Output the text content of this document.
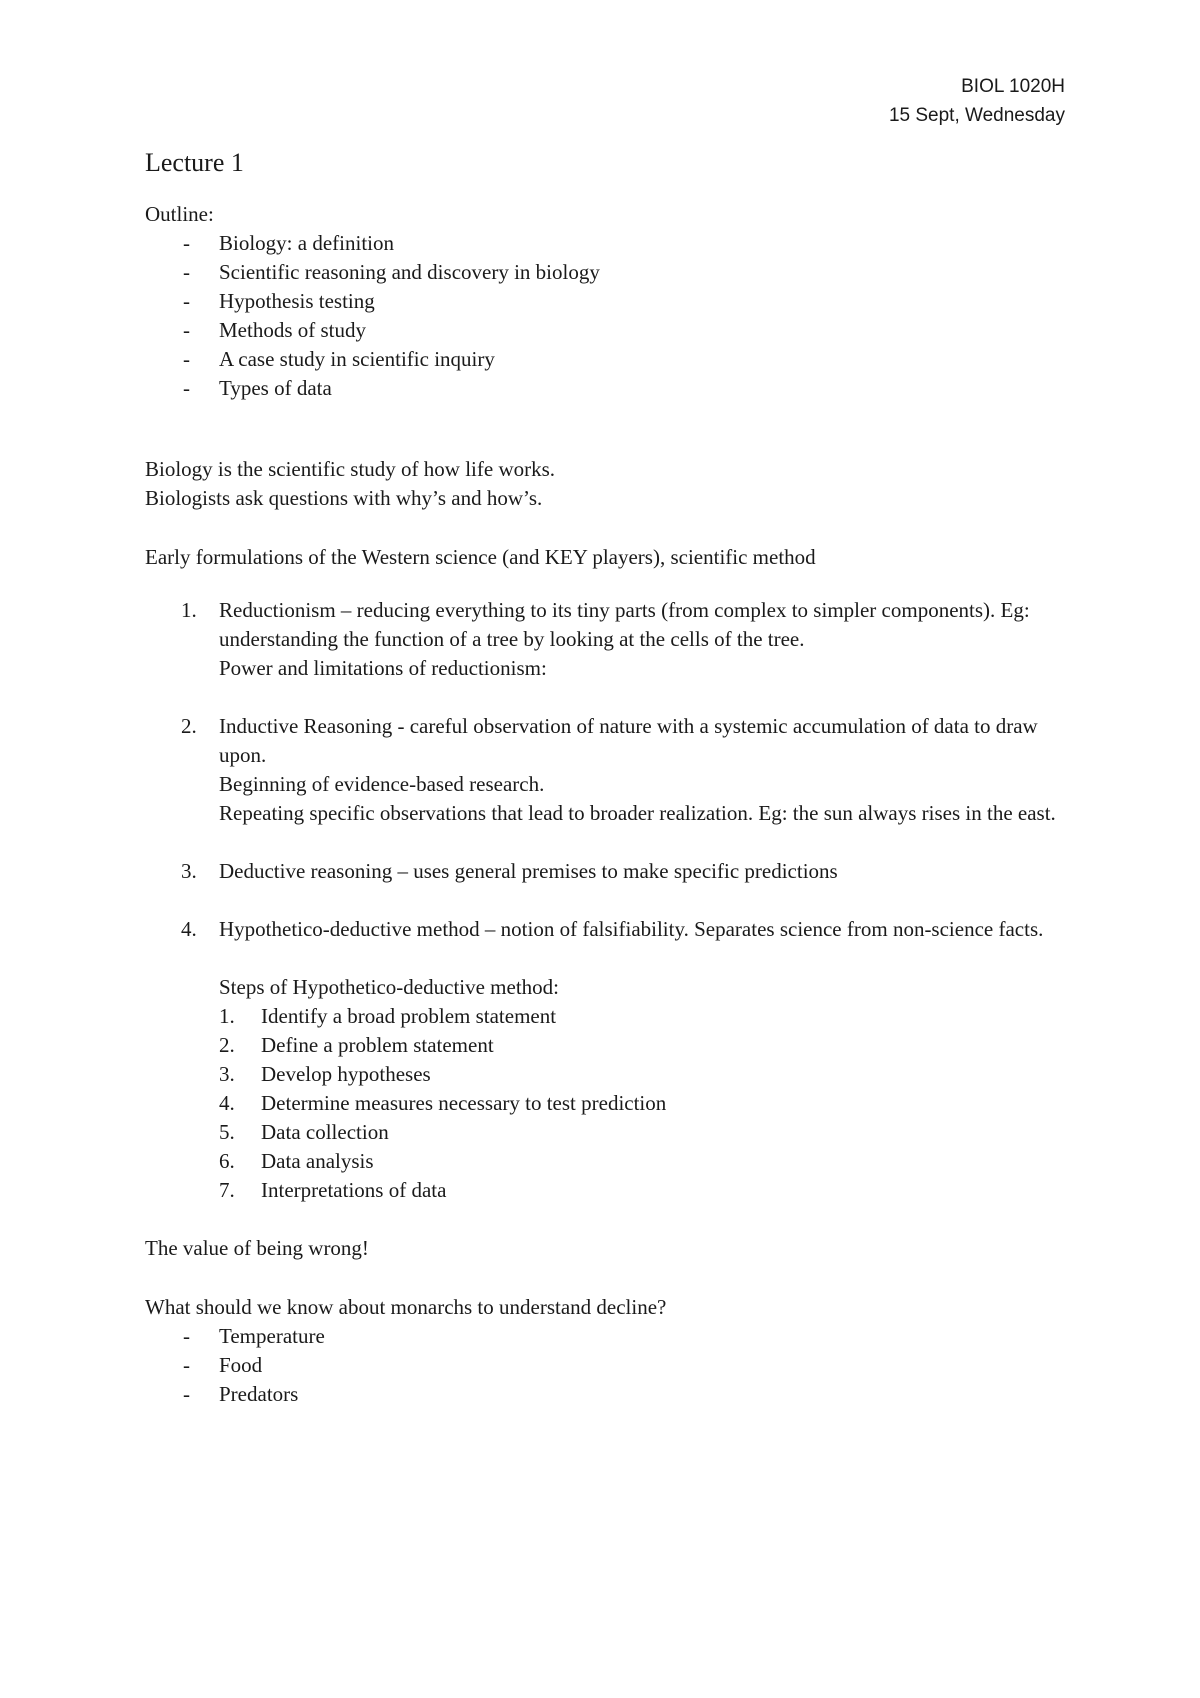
BIOL 1020H
15 Sept, Wednesday
Lecture 1

Outline:

- Biology: a definition
- Scientific reasoning and discovery in biology
- Hypothesis testing
- Methods of study
- A case study in scientific inquiry
- Types of data

Biology is the scientific study of how life works.

Biologists ask questions with why’s and how’s.

Early formulations of the Western science (and KEY players), scientific method

1. Reductionism – reducing everything to its tiny parts (from complex to simpler components). Eg: understanding the function of a tree by looking at the cells of the tree.

Power and limitations of reductionism:

2. Inductive Reasoning - careful observation of nature with a systemic accumulation of data to draw upon.

Beginning of evidence-based research.

Repeating specific observations that lead to broader realization. Eg: the sun always rises in the east.

3. Deductive reasoning – uses general premises to make specific predictions

4. Hypothetico-deductive method – notion of falsifiability. Separates science from non-science facts.

Steps of Hypothetico-deductive method:

1. Identify a broad problem statement
2. Define a problem statement
3. Develop hypotheses
4. Determine measures necessary to test prediction
5. Data collection
6. Data analysis
7. Interpretations of data

The value of being wrong!

What should we know about monarchs to understand decline?

- Temperature
- Food
- Predators
